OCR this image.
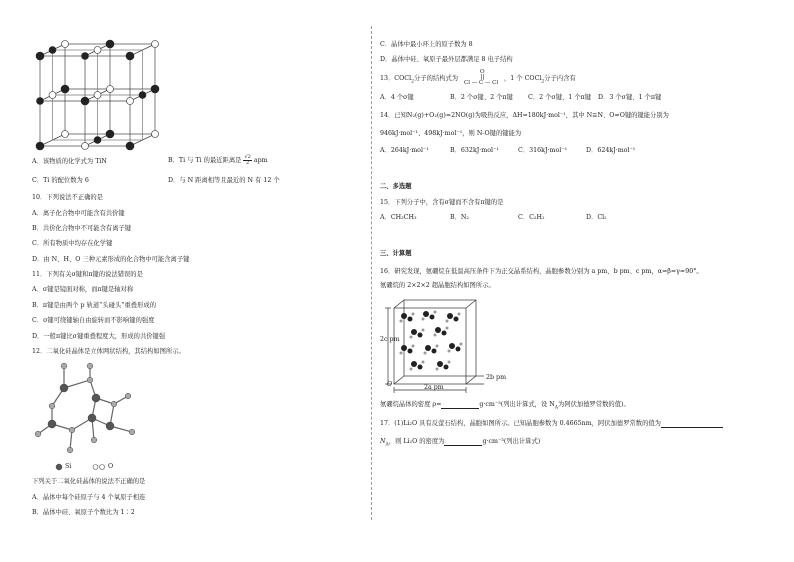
A．该物质的化学式为 TiN	B．Ti 与 Ti 的最近距离是 $\frac{√2}{2}$ apm
C．Ti 的配位数为 6	D．与 N 距离相等且最近的 N 有 12 个
10．下列说法不正确的是
A．离子化合物中可能含有共价键
B．共价化合物中不可能含有离子键
C．所有物质中均存在化学键
D．由 N、H、O 三种元素形成的化合物中可能含离子键
11．下列有关σ键和π键的说法错误的是
A．σ键是镜面对称，而π键是轴对称
B．π键是由两个 p 轨道“头碰头”重叠形成的
C．σ键可绕键轴自由旋转而不影响键的强度
D．一般π键比σ键重叠程度大，形成的共价键强
12．二氧化硅晶体是立体网状结构，其结构如图所示。
Si	O
下列关于二氧化硅晶体的说法不正确的是
A．晶体中每个硅原子与 4 个氧原子相连
B．晶体中硅、氧原子个数比为 1∶2
C．晶体中最小环上的原子数为 8
D．晶体中硅、氧原子最外层都满足 8 电子结构
13．COCl$_2$分子的结构式为
O
Cl — C — Cl
，1 个 COCl$_2$分子内含有
A．4 个σ键	B．2 个σ键、2 个π键 C．2 个σ键、1 个π键 D．3 个σ键、1 个π键
14．已知N₂(g)+O₂(g)=2NO(g)为吸热反应，ΔH=180kJ·mol⁻¹，其中 N≡N、O=O键的键能分别为
946kJ·mol⁻¹、498kJ·mol⁻¹，则 N-O键的键能为
A．264kJ·mol⁻¹	B．632kJ·mol⁻¹	C．316kJ·mol⁻¹	D．624kJ·mol⁻¹
二、多选题
15．下列分子中，含有σ键而不含有π键的是
A．CH₃CH₃	B．N₂	C．C₂H₂	D．Cl₂
三、计算题
16．研究发现，氨硼烷在低温高压条件下为正交晶系结构，晶胞参数分别为 a pm、b pm、c pm，α=β=γ=90°。
氨硼烷的 2×2×2 超晶胞结构如图所示。
2c pm
2a pm
2b pm
O
氨硼烷晶体的密度 ρ=	g·cm⁻³(列出计算式，设 $N_A$为阿伏加德罗常数的值)。
17．(1)Li₂O 具有反萤石结构，晶胞如图所示。已知晶胞参数为 0.4665nm，阿伏加德罗常数的值为
$N_A$，则 Li₂O 的密度为	g·cm⁻³(列出计算式)
